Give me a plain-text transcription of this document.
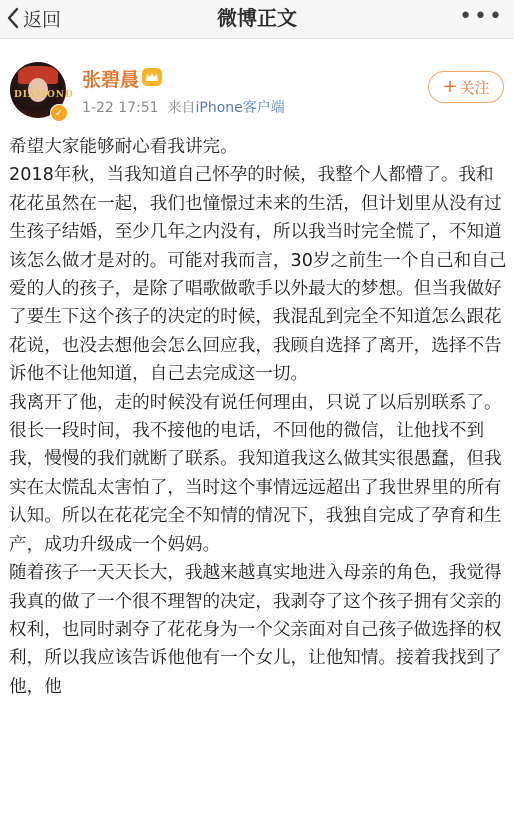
返回	微博正文	•••
DIAMOND
✓
张碧晨
1-22 17:51 来自iPhone客户端
+ 关注

希望大家能够耐心看我讲完。

2018年秋，当我知道自己怀孕的时候，我整个人都懵了。我和花花虽然在一起，我们也憧憬过未来的生活，但计划里从没有过生孩子结婚，至少几年之内没有，所以我当时完全慌了，不知道该怎么做才是对的。可能对我而言，30岁之前生一个自己和自己爱的人的孩子，是除了唱歌做歌手以外最大的梦想。但当我做好了要生下这个孩子的决定的时候，我混乱到完全不知道怎么跟花花说，也没去想他会怎么回应我，我顾自选择了离开，选择不告诉他不让他知道，自己去完成这一切。

我离开了他，走的时候没有说任何理由，只说了以后别联系了。很长一段时间，我不接他的电话，不回他的微信，让他找不到我，慢慢的我们就断了联系。我知道我这么做其实很愚蠢，但我实在太慌乱太害怕了，当时这个事情远远超出了我世界里的所有认知。所以在花花完全不知情的情况下，我独自完成了孕育和生产，成功升级成一个妈妈。

随着孩子一天天长大，我越来越真实地进入母亲的角色，我觉得我真的做了一个很不理智的决定，我剥夺了这个孩子拥有父亲的权利，也同时剥夺了花花身为一个父亲面对自己孩子做选择的权利，所以我应该告诉他他有一个女儿，让他知情。接着我找到了他，他
